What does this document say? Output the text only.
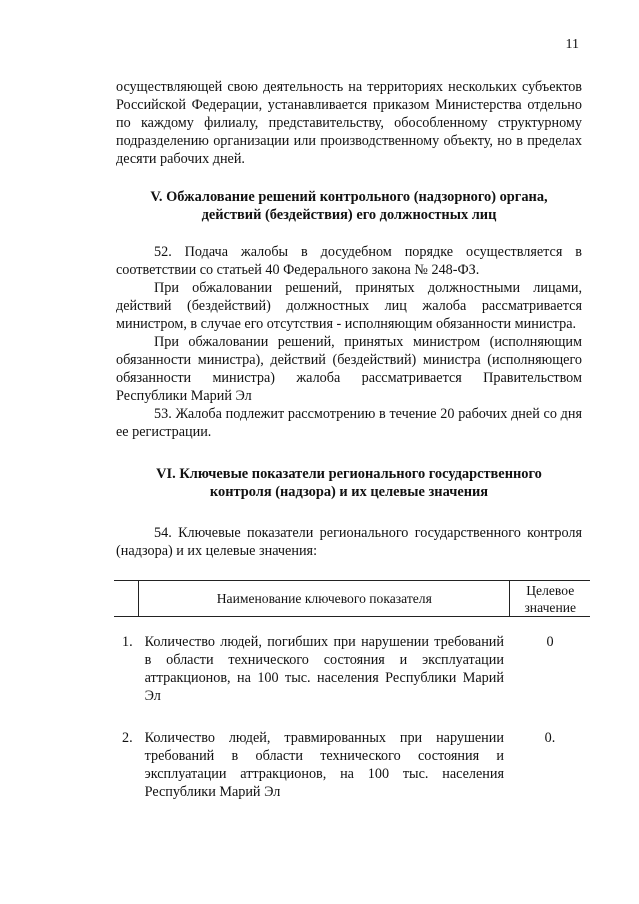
11

осуществляющей свою деятельность на территориях нескольких субъектов Российской Федерации, устанавливается приказом Министерства отдельно по каждому филиалу, представительству, обособленному структурному подразделению организации или производственному объекту, но в пределах десяти рабочих дней.

V. Обжалование решений контрольного (надзорного) органа,

действий (бездействия) его должностных лиц

52. Подача жалобы в досудебном порядке осуществляется в соответствии со статьей 40 Федерального закона № 248-ФЗ.

При обжаловании решений, принятых должностными лицами, действий (бездействий) должностных лиц жалоба рассматривается министром, в случае его отсутствия - исполняющим обязанности министра.

При обжаловании решений, принятых министром (исполняющим обязанности министра), действий (бездействий) министра (исполняющего обязанности министра) жалоба рассматривается Правительством Республики Марий Эл

53. Жалоба подлежит рассмотрению в течение 20 рабочих дней со дня ее регистрации.

VI. Ключевые показатели регионального государственного

контроля (надзора) и их целевые значения

54. Ключевые показатели регионального государственного контроля (надзора) и их целевые значения:

	Наименование ключевого показателя	Целевое
значение

1.	Количество людей, погибших при нарушении требований в области технического состояния и эксплуатации аттракционов, на 100 тыс. населения Республики Марий Эл	0

2.	Количество людей, травмированных при нарушении требований в области технического состояния и эксплуатации аттракционов, на 100 тыс. населения Республики Марий Эл	0.
